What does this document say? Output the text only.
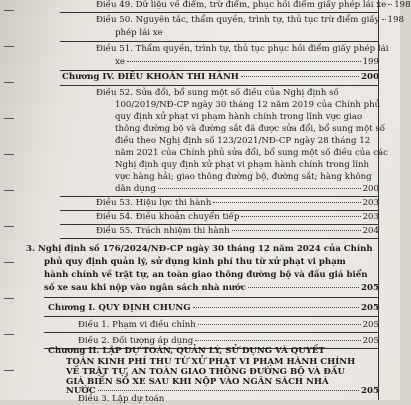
Điều 49. Dữ liệu về điểm, trừ điểm, phục hồi điểm giấy phép lái xe 198
Điều 50. Nguyên tắc, thẩm quyền, trình tự, thủ tục trừ điểm giấy 198
phép lái xe
Điều 51. Thẩm quyền, trình tự, thủ tục phục hồi điểm giấy phép lái
xe	199
Chương IV. ĐIỀU KHOẢN THI HÀNH	200
Điều 52. Sửa đổi, bổ sung một số điều của Nghị định số
100/2019/NĐ-CP ngày 30 tháng 12 năm 2019 của Chính phủ
quy định xử phạt vi phạm hành chính trong lĩnh vực giao
thông đường bộ và đường sắt đã được sửa đổi, bổ sung một số
điều theo Nghị định số 123/2021/NĐ-CP ngày 28 tháng 12
năm 2021 của Chính phủ sửa đổi, bổ sung một số điều của các
Nghị định quy định xử phạt vi phạm hành chính trong lĩnh
vực hàng hải; giao thông đường bộ, đường sắt; hàng không
dân dụng	200
Điều 53. Hiệu lực thi hành	203
Điều 54. Điều khoản chuyển tiếp	203
Điều 55. Trách nhiệm thi hành	204
3. Nghị định số 176/2024/NĐ-CP ngày 30 tháng 12 năm 2024 của Chính
phủ quy định quản lý, sử dụng kinh phí thu từ xử phạt vi phạm
hành chính về trật tự, an toàn giao thông đường bộ và đấu giá biển
số xe sau khi nộp vào ngân sách nhà nước	205
Chương I. QUY ĐỊNH CHUNG	205
Điều 1. Phạm vi điều chỉnh	205
Điều 2. Đối tượng áp dụng	205
Chương II. LẬP DỰ TOÁN, QUẢN LÝ, SỬ DỤNG VÀ QUYẾT
TOÁN KINH PHÍ THU TỪ XỬ PHẠT VI PHẠM HÀNH CHÍNH
VỀ TRẬT TỰ, AN TOÀN GIAO THÔNG ĐƯỜNG BỘ VÀ ĐẤU
GIÁ BIỂN SỐ XE SAU KHI NỘP VÀO NGÂN SÁCH NHÀ
NƯỚC	205
Điều 3. Lập dự toán
